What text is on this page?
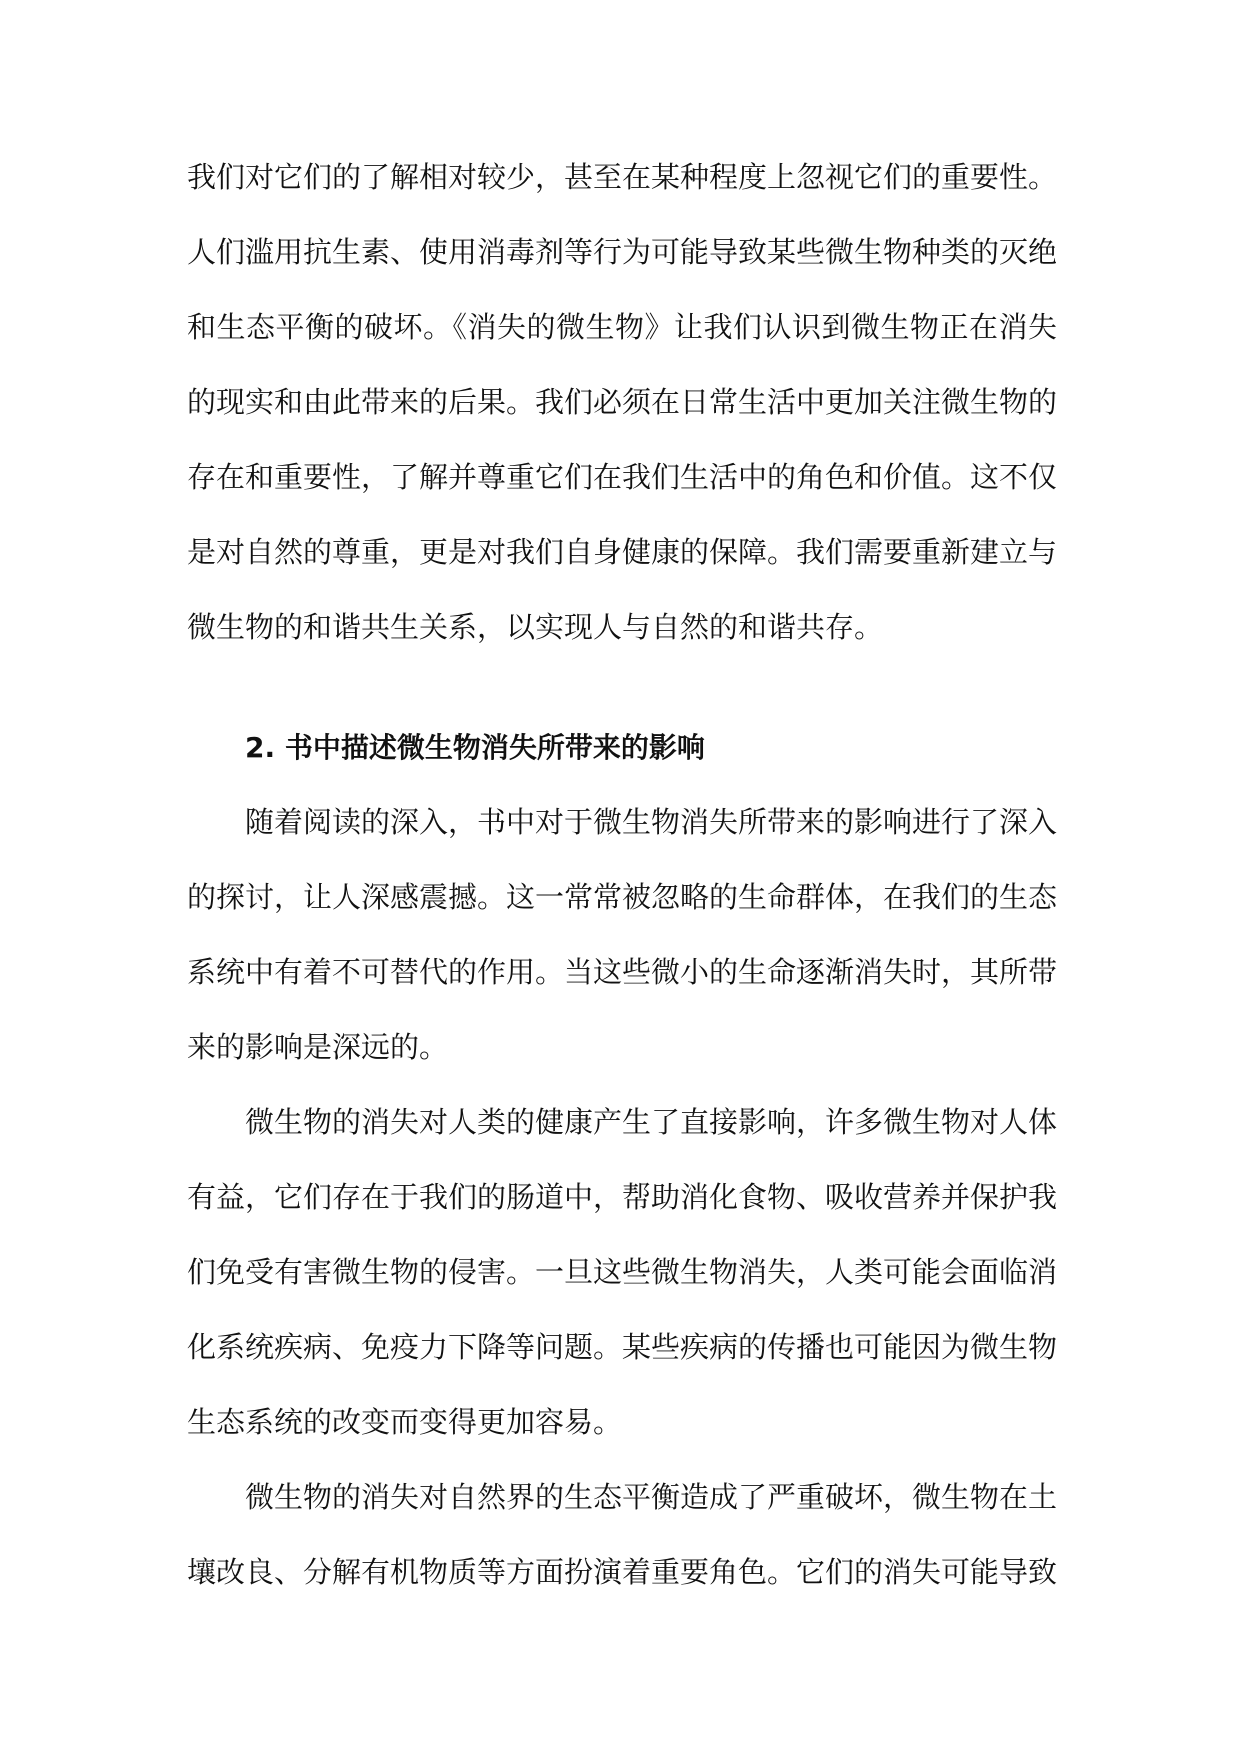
我们对它们的了解相对较少，甚至在某种程度上忽视它们的重要性。人们滥用抗生素、使用消毒剂等行为可能导致某些微生物种类的灭绝和生态平衡的破坏。《消失的微生物》让我们认识到微生物正在消失的现实和由此带来的后果。我们必须在日常生活中更加关注微生物的存在和重要性，了解并尊重它们在我们生活中的角色和价值。这不仅是对自然的尊重，更是对我们自身健康的保障。我们需要重新建立与微生物的和谐共生关系，以实现人与自然的和谐共存。

2. 书中描述微生物消失所带来的影响

随着阅读的深入，书中对于微生物消失所带来的影响进行了深入的探讨，让人深感震撼。这一常常被忽略的生命群体，在我们的生态系统中有着不可替代的作用。当这些微小的生命逐渐消失时，其所带来的影响是深远的。

微生物的消失对人类的健康产生了直接影响，许多微生物对人体有益，它们存在于我们的肠道中，帮助消化食物、吸收营养并保护我们免受有害微生物的侵害。一旦这些微生物消失，人类可能会面临消化系统疾病、免疫力下降等问题。某些疾病的传播也可能因为微生物生态系统的改变而变得更加容易。

微生物的消失对自然界的生态平衡造成了严重破坏，微生物在土壤改良、分解有机物质等方面扮演着重要角色。它们的消失可能导致
